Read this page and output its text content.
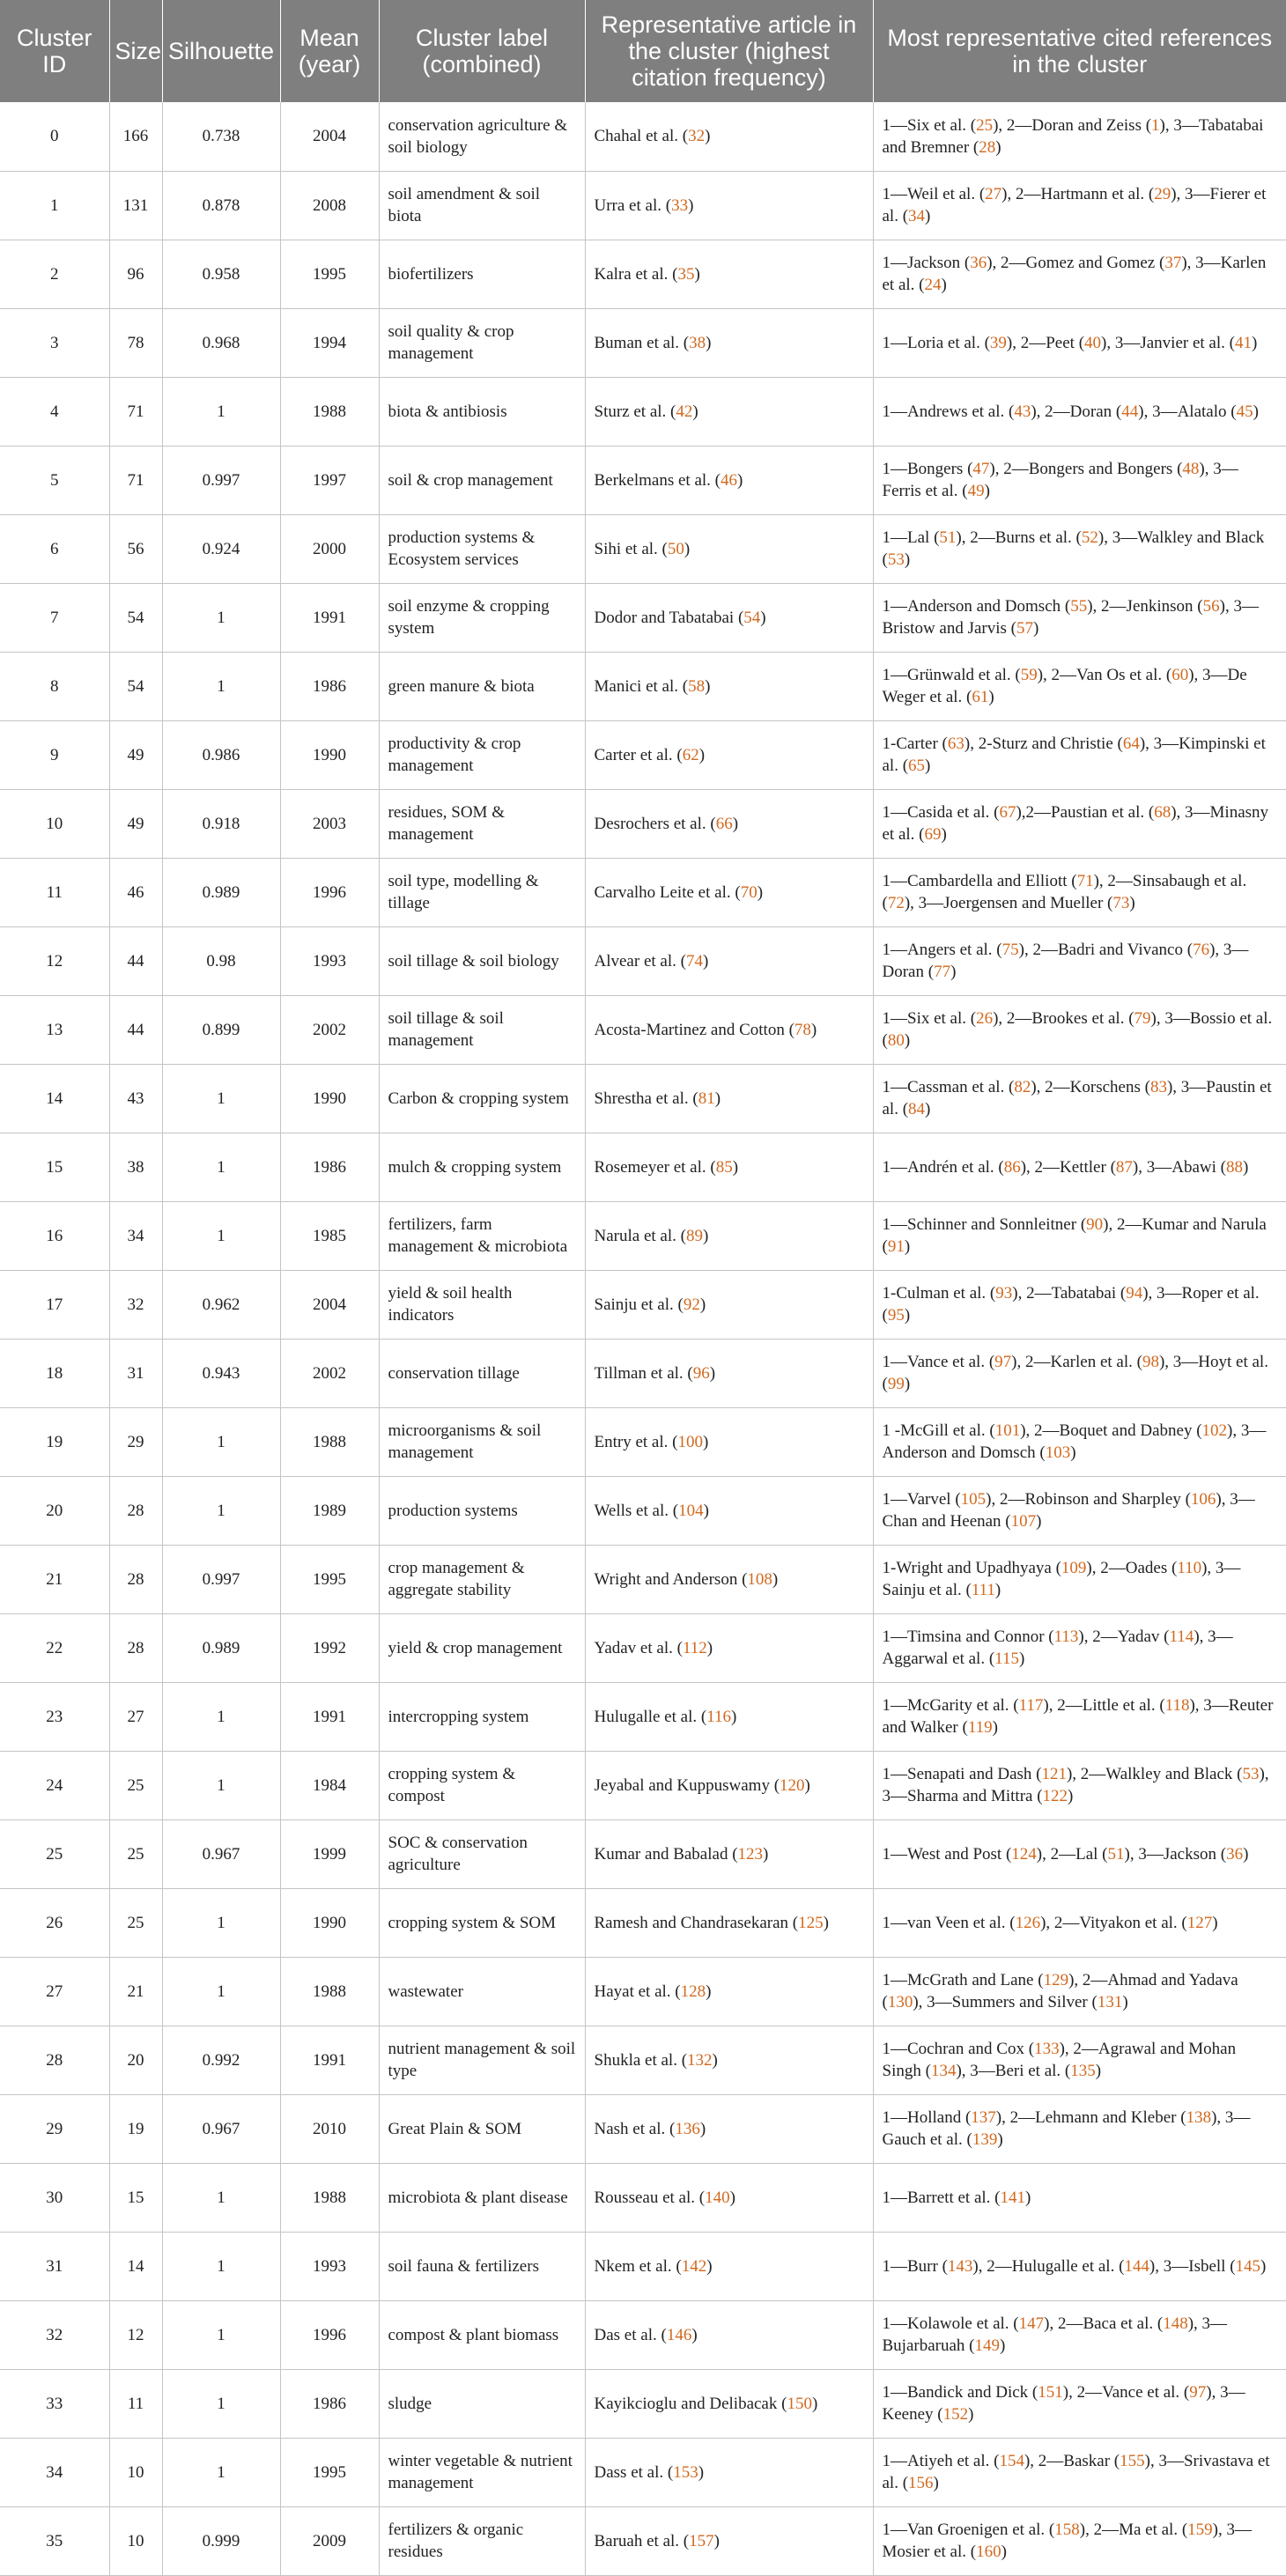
Cluster ID	Size	Silhouette	Mean (year)	Cluster label (combined)	Representative article in the cluster (highest citation frequency)	Most representative cited references in the cluster
0	166	0.738	2004	conservation agriculture & soil biology	Chahal et al. (32)	1—Six et al. (25), 2—Doran and Zeiss (1), 3—Tabatabai and Bremner (28)
1	131	0.878	2008	soil amendment & soil biota	Urra et al. (33)	1—Weil et al. (27), 2—Hartmann et al. (29), 3—Fierer et al. (34)
2	96	0.958	1995	biofertilizers	Kalra et al. (35)	1—Jackson (36), 2—Gomez and Gomez (37), 3—Karlen et al. (24)
3	78	0.968	1994	soil quality & crop management	Buman et al. (38)	1—Loria et al. (39), 2—Peet (40), 3—Janvier et al. (41)
4	71	1	1988	biota & antibiosis	Sturz et al. (42)	1—Andrews et al. (43), 2—Doran (44), 3—Alatalo (45)
5	71	0.997	1997	soil & crop management	Berkelmans et al. (46)	1—Bongers (47), 2—Bongers and Bongers (48), 3—Ferris et al. (49)
6	56	0.924	2000	production systems & Ecosystem services	Sihi et al. (50)	1—Lal (51), 2—Burns et al. (52), 3—Walkley and Black (53)
7	54	1	1991	soil enzyme & cropping system	Dodor and Tabatabai (54)	1—Anderson and Domsch (55), 2—Jenkinson (56), 3—Bristow and Jarvis (57)
8	54	1	1986	green manure & biota	Manici et al. (58)	1—Grünwald et al. (59), 2—Van Os et al. (60), 3—De Weger et al. (61)
9	49	0.986	1990	productivity & crop management	Carter et al. (62)	1-Carter (63), 2-Sturz and Christie (64), 3—Kimpinski et al. (65)
10	49	0.918	2003	residues, SOM & management	Desrochers et al. (66)	1—Casida et al. (67),2—Paustian et al. (68), 3—Minasny et al. (69)
11	46	0.989	1996	soil type, modelling & tillage	Carvalho Leite et al. (70)	1—Cambardella and Elliott (71), 2—Sinsabaugh et al. (72), 3—Joergensen and Mueller (73)
12	44	0.98	1993	soil tillage & soil biology	Alvear et al. (74)	1—Angers et al. (75), 2—Badri and Vivanco (76), 3—Doran (77)
13	44	0.899	2002	soil tillage & soil management	Acosta-Martinez and Cotton (78)	1—Six et al. (26), 2—Brookes et al. (79), 3—Bossio et al. (80)
14	43	1	1990	Carbon & cropping system	Shrestha et al. (81)	1—Cassman et al. (82), 2—Korschens (83), 3—Paustin et al. (84)
15	38	1	1986	mulch & cropping system	Rosemeyer et al. (85)	1—Andrén et al. (86), 2—Kettler (87), 3—Abawi (88)
16	34	1	1985	fertilizers, farm management & microbiota	Narula et al. (89)	1—Schinner and Sonnleitner (90), 2—Kumar and Narula (91)
17	32	0.962	2004	yield & soil health indicators	Sainju et al. (92)	1-Culman et al. (93), 2—Tabatabai (94), 3—Roper et al. (95)
18	31	0.943	2002	conservation tillage	Tillman et al. (96)	1—Vance et al. (97), 2—Karlen et al. (98), 3—Hoyt et al. (99)
19	29	1	1988	microorganisms & soil management	Entry et al. (100)	1 -McGill et al. (101), 2—Boquet and Dabney (102), 3—Anderson and Domsch (103)
20	28	1	1989	production systems	Wells et al. (104)	1—Varvel (105), 2—Robinson and Sharpley (106), 3—Chan and Heenan (107)
21	28	0.997	1995	crop management & aggregate stability	Wright and Anderson (108)	1-Wright and Upadhyaya (109), 2—Oades (110), 3—Sainju et al. (111)
22	28	0.989	1992	yield & crop management	Yadav et al. (112)	1—Timsina and Connor (113), 2—Yadav (114), 3—Aggarwal et al. (115)
23	27	1	1991	intercropping system	Hulugalle et al. (116)	1—McGarity et al. (117), 2—Little et al. (118), 3—Reuter and Walker (119)
24	25	1	1984	cropping system & compost	Jeyabal and Kuppuswamy (120)	1—Senapati and Dash (121), 2—Walkley and Black (53), 3—Sharma and Mittra (122)
25	25	0.967	1999	SOC & conservation agriculture	Kumar and Babalad (123)	1—West and Post (124), 2—Lal (51), 3—Jackson (36)
26	25	1	1990	cropping system & SOM	Ramesh and Chandrasekaran (125)	1—van Veen et al. (126), 2—Vityakon et al. (127)
27	21	1	1988	wastewater	Hayat et al. (128)	1—McGrath and Lane (129), 2—Ahmad and Yadava (130), 3—Summers and Silver (131)
28	20	0.992	1991	nutrient management & soil type	Shukla et al. (132)	1—Cochran and Cox (133), 2—Agrawal and Mohan Singh (134), 3—Beri et al. (135)
29	19	0.967	2010	Great Plain & SOM	Nash et al. (136)	1—Holland (137), 2—Lehmann and Kleber (138), 3—Gauch et al. (139)
30	15	1	1988	microbiota & plant disease	Rousseau et al. (140)	1—Barrett et al. (141)
31	14	1	1993	soil fauna & fertilizers	Nkem et al. (142)	1—Burr (143), 2—Hulugalle et al. (144), 3—Isbell (145)
32	12	1	1996	compost & plant biomass	Das et al. (146)	1—Kolawole et al. (147), 2—Baca et al. (148), 3—Bujarbaruah (149)
33	11	1	1986	sludge	Kayikcioglu and Delibacak (150)	1—Bandick and Dick (151), 2—Vance et al. (97), 3—Keeney (152)
34	10	1	1995	winter vegetable & nutrient management	Dass et al. (153)	1—Atiyeh et al. (154), 2—Baskar (155), 3—Srivastava et al. (156)
35	10	0.999	2009	fertilizers & organic residues	Baruah et al. (157)	1—Van Groenigen et al. (158), 2—Ma et al. (159), 3—Mosier et al. (160)
